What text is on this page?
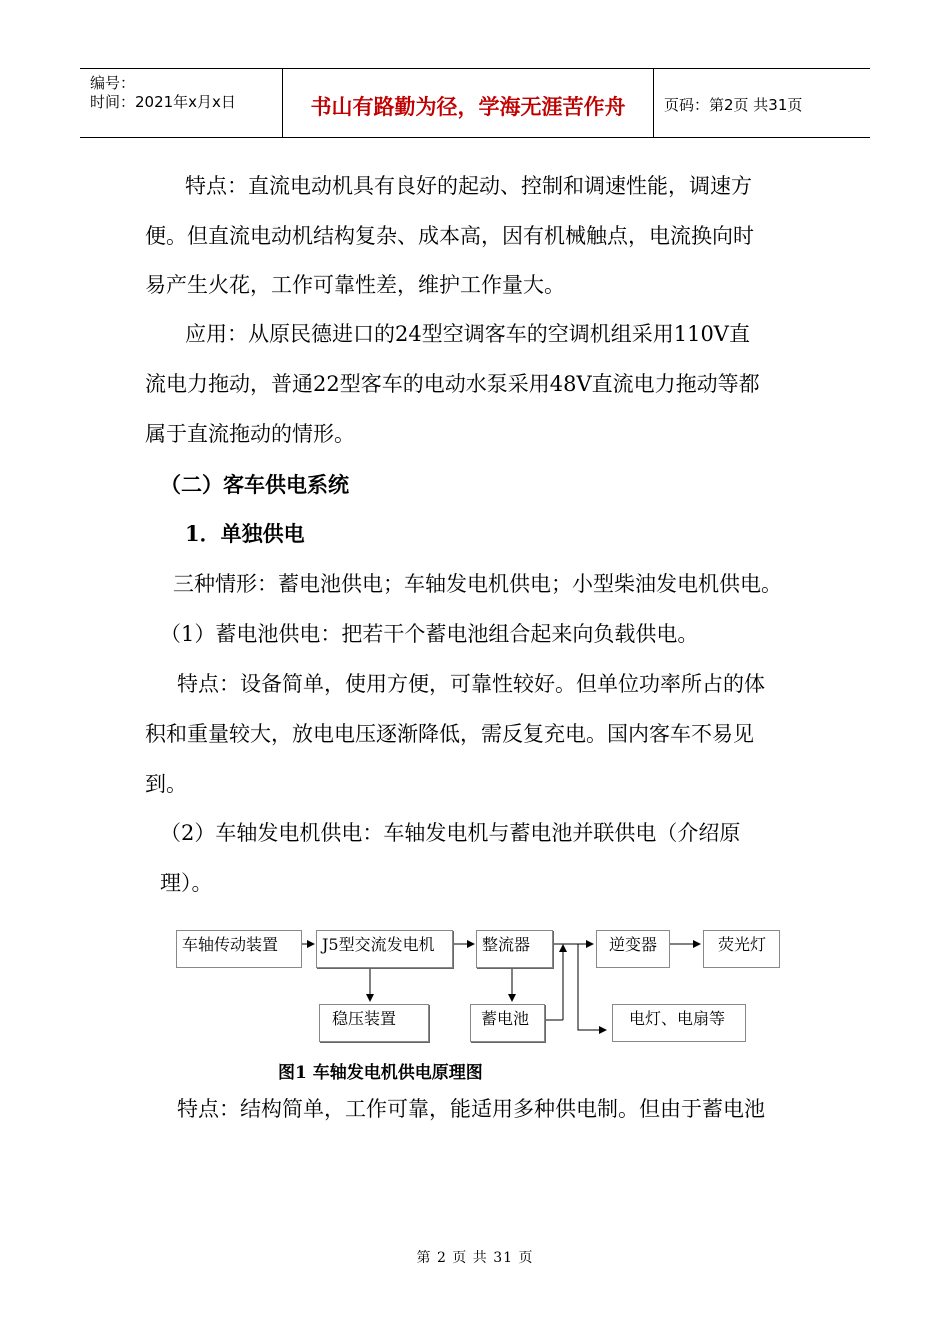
编号：
时间：2021年x月x日	书山有路勤为径，学海无涯苦作舟	页码：第2页 共31页
特点：直流电动机具有良好的起动、控制和调速性能，调速方
便。但直流电动机结构复杂、成本高，因有机械触点，电流换向时
易产生火花，工作可靠性差，维护工作量大。
应用：从原民德进口的24型空调客车的空调机组采用110V直
流电力拖动，普通22型客车的电动水泵采用48V直流电力拖动等都
属于直流拖动的情形。
（二）客车供电系统
1．单独供电
三种情形：蓄电池供电；车轴发电机供电；小型柴油发电机供电。
（1）蓄电池供电：把若干个蓄电池组合起来向负载供电。
特点：设备简单，使用方便，可靠性较好。但单位功率所占的体
积和重量较大，放电电压逐渐降低，需反复充电。国内客车不易见
到。
（2）车轴发电机供电：车轴发电机与蓄电池并联供电（介绍原
理）。
车轴传动装置	J5型交流发电机	整流器	逆变器	荧光灯
稳压装置	蓄电池	电灯、电扇等
图1 车轴发电机供电原理图
特点：结构简单，工作可靠，能适用多种供电制。但由于蓄电池
第 2 页 共 31 页
